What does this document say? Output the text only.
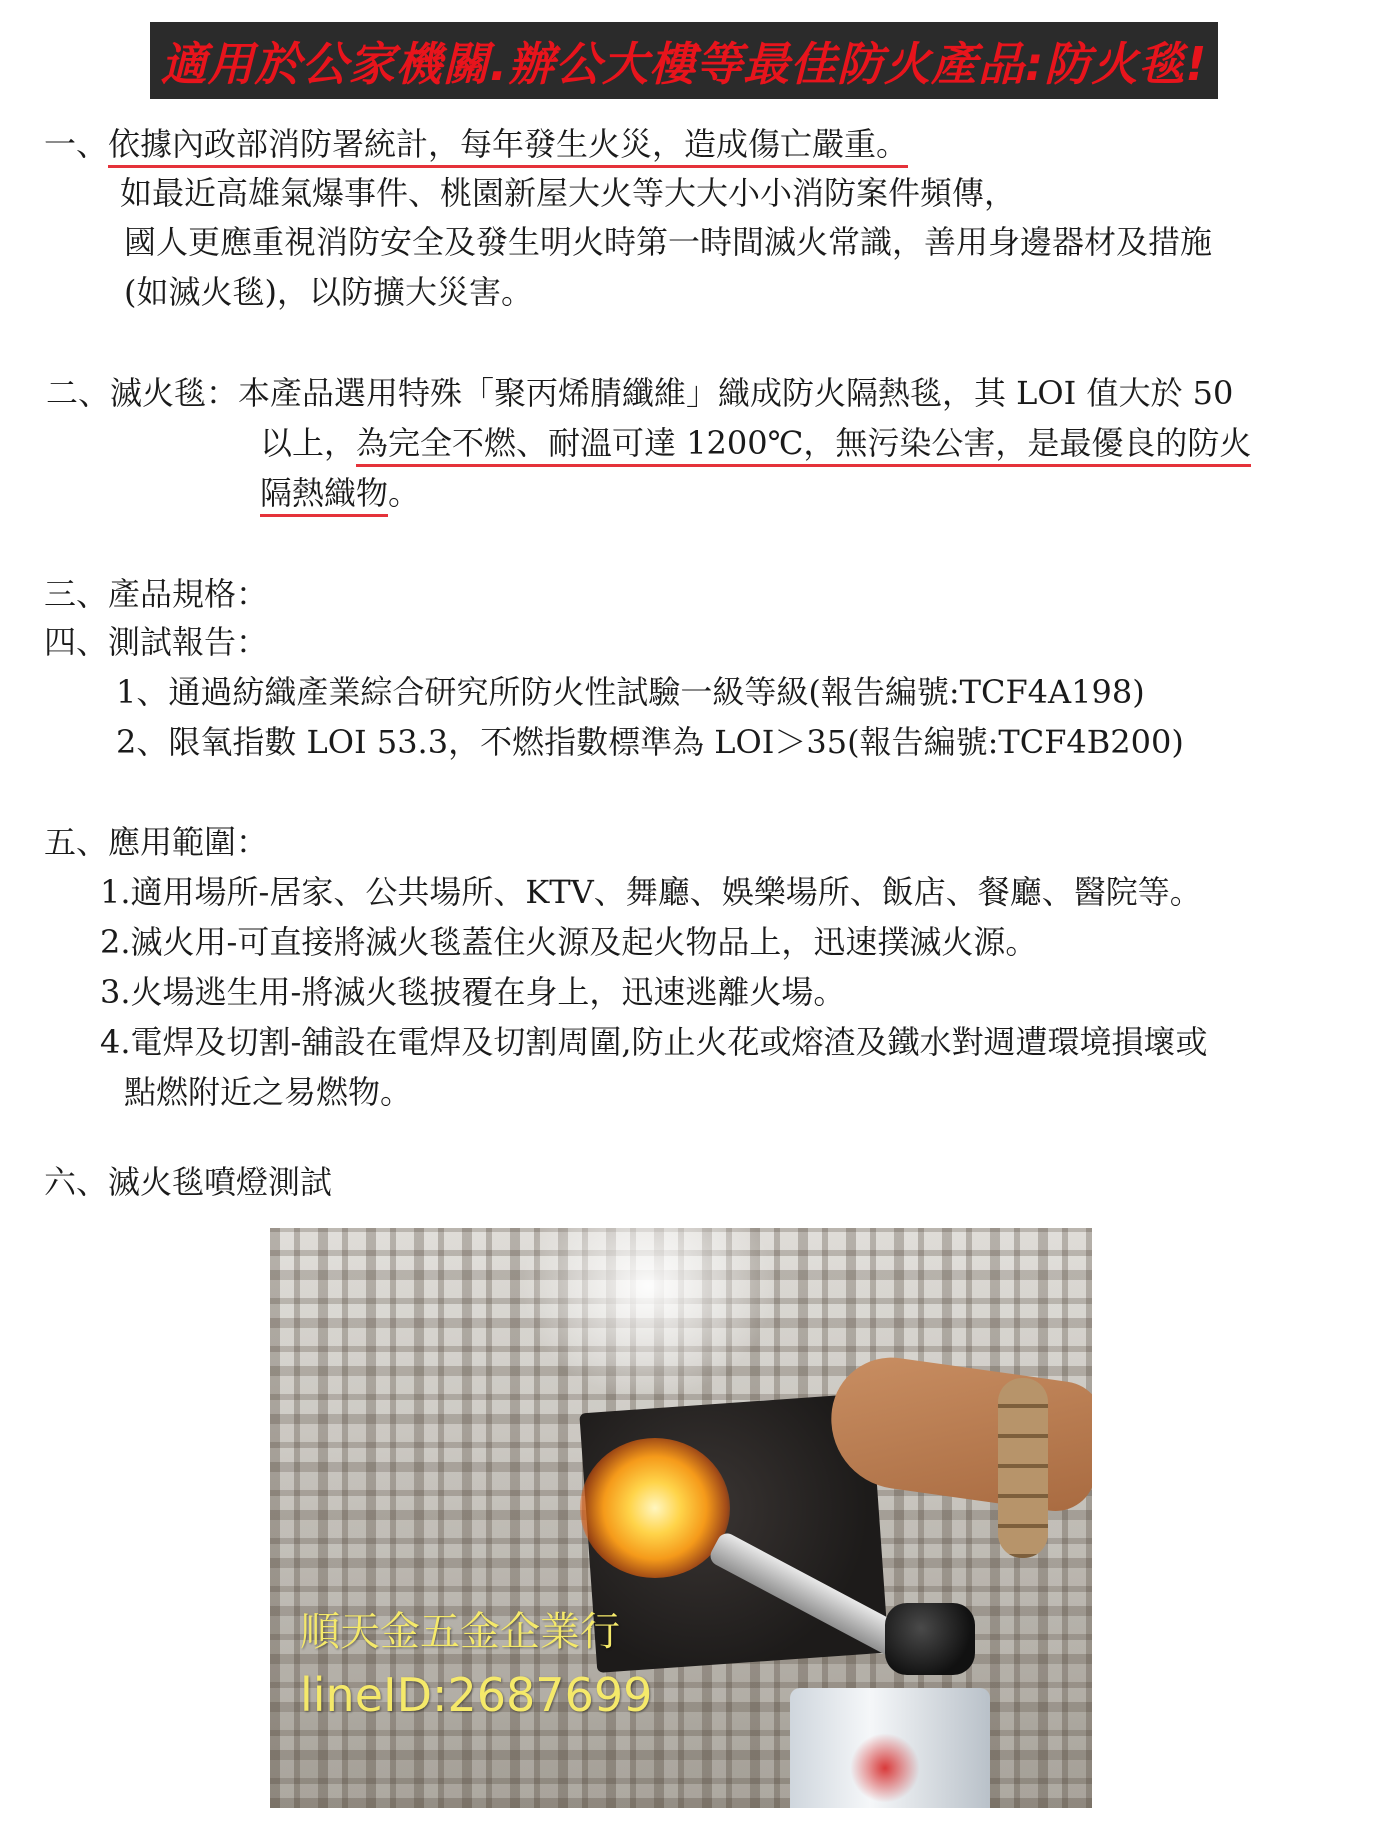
適用於公家機關.辦公大樓等最佳防火產品:防火毯!
一、依據內政部消防署統計，每年發生火災，造成傷亡嚴重。
如最近高雄氣爆事件、桃園新屋大火等大大小小消防案件頻傳，
國人更應重視消防安全及發生明火時第一時間滅火常識，善用身邊器材及措施
(如滅火毯)，以防擴大災害。
二、滅火毯：本產品選用特殊「聚丙烯腈纖維」織成防火隔熱毯，其 LOI 值大於 50
以上，為完全不燃、耐溫可達 1200℃，無污染公害，是最優良的防火
隔熱織物。
三、產品規格：
四、測試報告：
1、通過紡織產業綜合研究所防火性試驗一級等級(報告編號:TCF4A198)
2、限氧指數 LOI 53.3，不燃指數標準為 LOI＞35(報告編號:TCF4B200)
五、應用範圍：
1.適用場所-居家、公共場所、KTV、舞廳、娛樂場所、飯店、餐廳、醫院等。
2.滅火用-可直接將滅火毯蓋住火源及起火物品上，迅速撲滅火源。
3.火場逃生用-將滅火毯披覆在身上，迅速逃離火場。
4.電焊及切割-舖設在電焊及切割周圍,防止火花或熔渣及鐵水對週遭環境損壞或
點燃附近之易燃物。
六、滅火毯噴燈測試
順天金五金企業行
lineID:2687699
